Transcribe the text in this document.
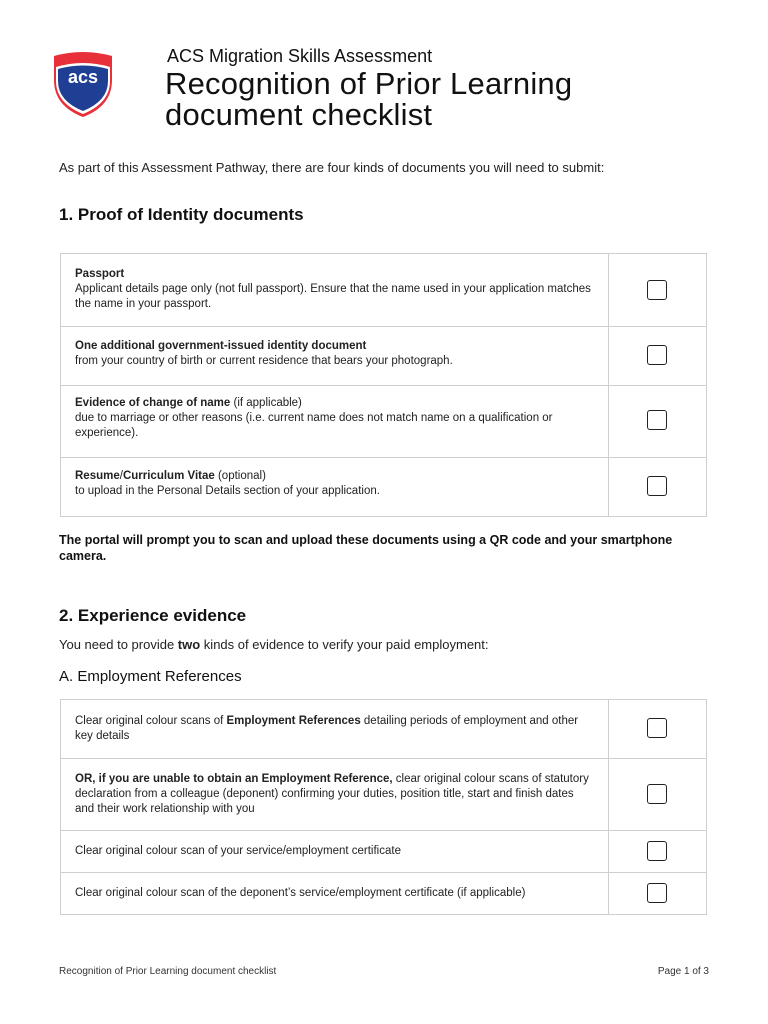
acs
ACS Migration Skills Assessment
Recognition of Prior Learning
document checklist
As part of this Assessment Pathway, there are four kinds of documents you will need to submit:
1. Proof of Identity documents
Passport
Applicant details page only (not full passport). Ensure that the name used in your application matches the name in your passport.
One additional government-issued identity document
from your country of birth or current residence that bears your photograph.
Evidence of change of name (if applicable)
due to marriage or other reasons (i.e. current name does not match name on a qualification or experience).
Resume/Curriculum Vitae (optional)
to upload in the Personal Details section of your application.
The portal will prompt you to scan and upload these documents using a QR code and your smartphone camera.
2. Experience evidence
You need to provide two kinds of evidence to verify your paid employment:
A. Employment References
Clear original colour scans of Employment References detailing periods of employment and other key details
OR, if you are unable to obtain an Employment Reference, clear original colour scans of statutory declaration from a colleague (deponent) confirming your duties, position title, start and finish dates and their work relationship with you
Clear original colour scan of your service/employment certificate
Clear original colour scan of the deponent’s service/employment certificate (if applicable)
Recognition of Prior Learning document checklist	Page 1 of 3
